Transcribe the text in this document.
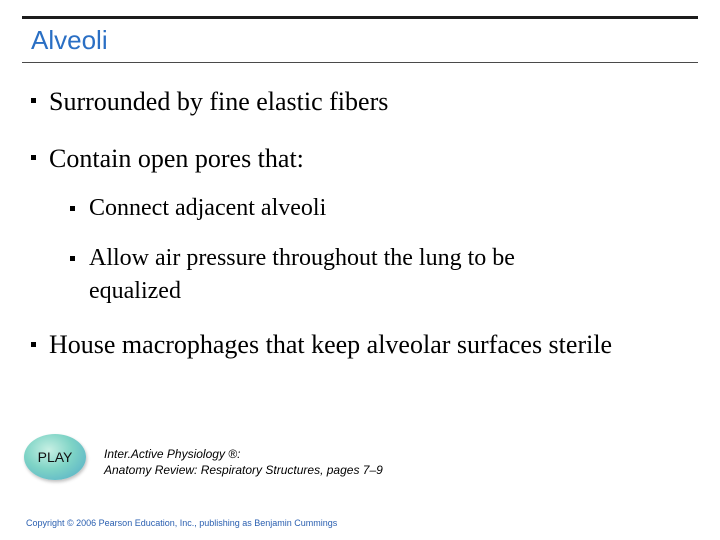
Alveoli
Surrounded by fine elastic fibers
Contain open pores that:
Connect adjacent alveoli
Allow air pressure throughout the lung to be equalized
House macrophages that keep alveolar surfaces sterile
PLAY	Inter.Active Physiology ®:
Anatomy Review: Respiratory Structures, pages 7–9
Copyright © 2006 Pearson Education, Inc., publishing as Benjamin Cummings
